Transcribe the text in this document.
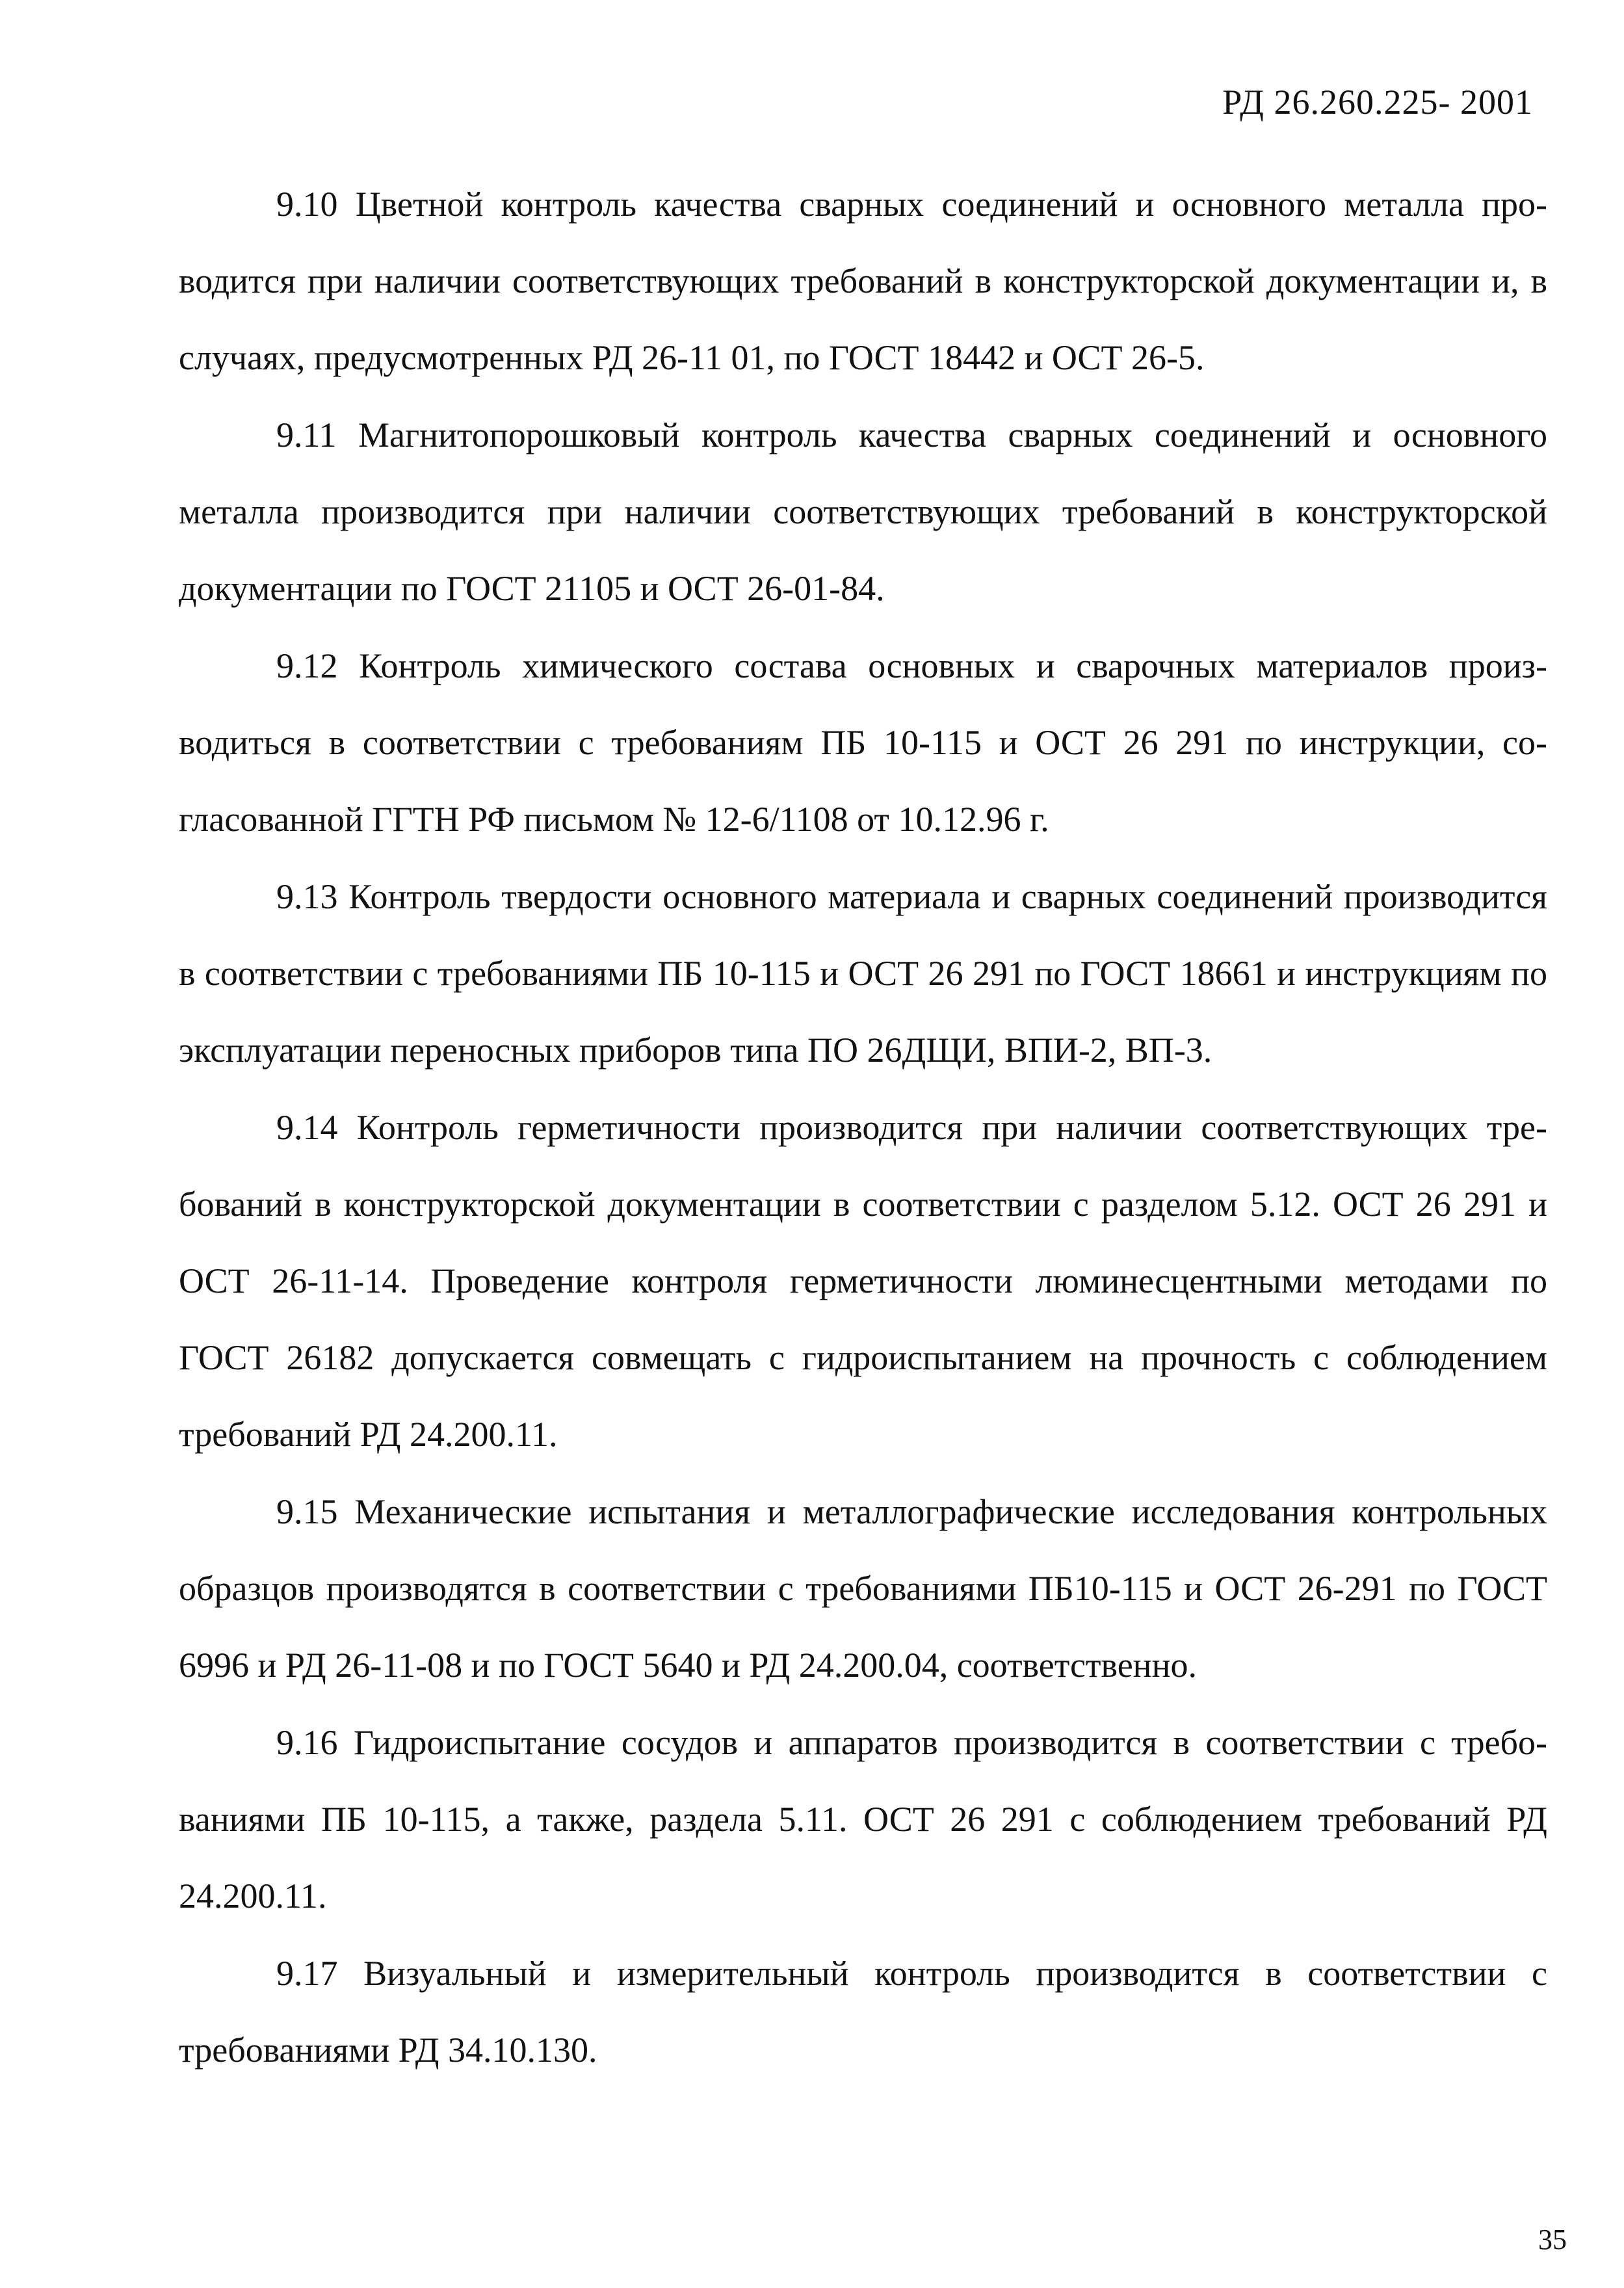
РД 26.260.225- 2001

9.10 Цветной контроль качества сварных соединений и основного металла проводится при наличии соответствующих требований в конструкторской документации и, в случаях, предусмотренных РД 26-11 01, по ГОСТ 18442 и ОСТ 26-5.

9.11 Магнитопорошковый контроль качества сварных соединений и основного металла производится при наличии соответствующих требований в конструкторской документации по ГОСТ 21105 и ОСТ 26-01-84.

9.12 Контроль химического состава основных и сварочных материалов производиться в соответствии с требованиям ПБ 10-115 и ОСТ 26 291 по инструкции, согласованной ГГТН РФ письмом № 12-6/1108 от 10.12.96 г.

9.13 Контроль твердости основного материала и сварных соединений производится в соответствии с требованиями ПБ 10-115 и ОСТ 26 291 по ГОСТ 18661 и инструкциям по эксплуатации переносных приборов типа ПО 26ДЩИ, ВПИ-2, ВП-3.

9.14 Контроль герметичности производится при наличии соответствующих требований в конструкторской документации в соответствии с разделом 5.12. ОСТ 26 291 и ОСТ 26-11-14. Проведение контроля герметичности люминесцентными методами по ГОСТ 26182 допускается совмещать с гидроиспытанием на прочность с соблюдением требований РД 24.200.11.

9.15 Механические испытания и металлографические исследования контрольных образцов производятся в соответствии с требованиями ПБ10-115 и ОСТ 26-291 по ГОСТ 6996 и РД 26-11-08 и по ГОСТ 5640 и РД 24.200.04, соответственно.

9.16 Гидроиспытание сосудов и аппаратов производится в соответствии с требованиями ПБ 10-115, а также, раздела 5.11. ОСТ 26 291 с соблюдением требований РД 24.200.11.

9.17 Визуальный и измерительный контроль производится в соответствии с требованиями РД 34.10.130.

35
